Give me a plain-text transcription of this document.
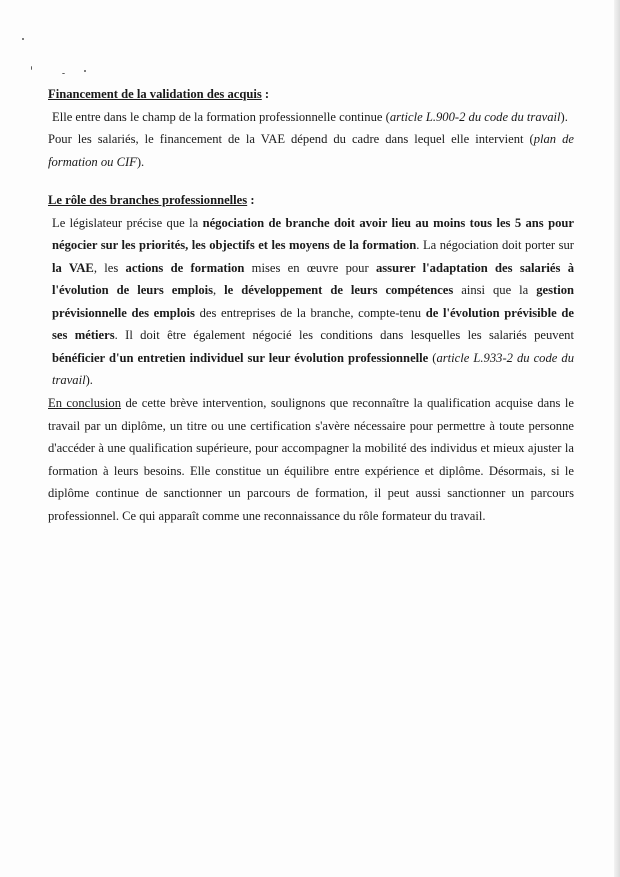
Financement de la validation des acquis :

Elle entre dans le champ de la formation professionnelle continue (article L.900-2 du code du travail).

Pour les salariés, le financement de la VAE dépend du cadre dans lequel elle intervient (plan de formation ou CIF).

Le rôle des branches professionnelles :

Le législateur précise que la négociation de branche doit avoir lieu au moins tous les 5 ans pour négocier sur les priorités, les objectifs et les moyens de la formation. La négociation doit porter sur la VAE, les actions de formation mises en œuvre pour assurer l'adaptation des salariés à l'évolution de leurs emplois, le développement de leurs compétences ainsi que la gestion prévisionnelle des emplois des entreprises de la branche, compte-tenu de l'évolution prévisible de ses métiers. Il doit être également négocié les conditions dans lesquelles les salariés peuvent bénéficier d'un entretien individuel sur leur évolution professionnelle (article L.933-2 du code du travail).

En conclusion de cette brève intervention, soulignons que reconnaître la qualification acquise dans le travail par un diplôme, un titre ou une certification s'avère nécessaire pour permettre à toute personne d'accéder à une qualification supérieure, pour accompagner la mobilité des individus et mieux ajuster la formation à leurs besoins. Elle constitue un équilibre entre expérience et diplôme. Désormais, si le diplôme continue de sanctionner un parcours de formation, il peut aussi sanctionner un parcours professionnel. Ce qui apparaît comme une reconnaissance du rôle formateur du travail.
